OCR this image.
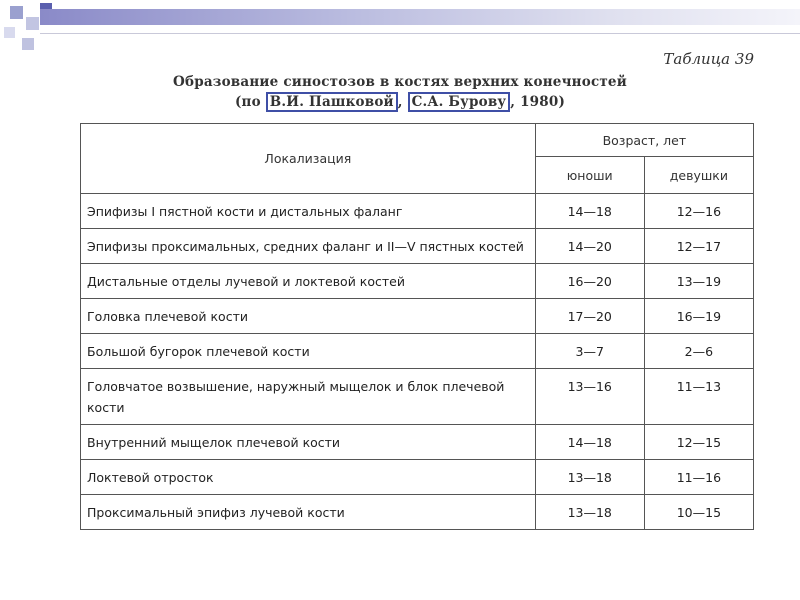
Таблица 39
Образование синостозов в костях верхних конечностей
(по В.И. Пашковой , С.А. Бурову , 1980)
Локализация	Возраст, лет	
	юноши	девушки
Эпифизы I пястной кости и дистальных фаланг	14—18	12—16
Эпифизы проксимальных, средних фаланг и II—V пястных костей	14—20	12—17
Дистальные отделы лучевой и локтевой костей	16—20	13—19
Головка плечевой кости	17—20	16—19
Большой бугорок плечевой кости	3—7	2—6
Головчатое возвышение, наружный мыщелок и блок плечевой кости	13—16	11—13
Внутренний мыщелок плечевой кости	14—18	12—15
Локтевой отросток	13—18	11—16
Проксимальный эпифиз лучевой кости	13—18	10—15
